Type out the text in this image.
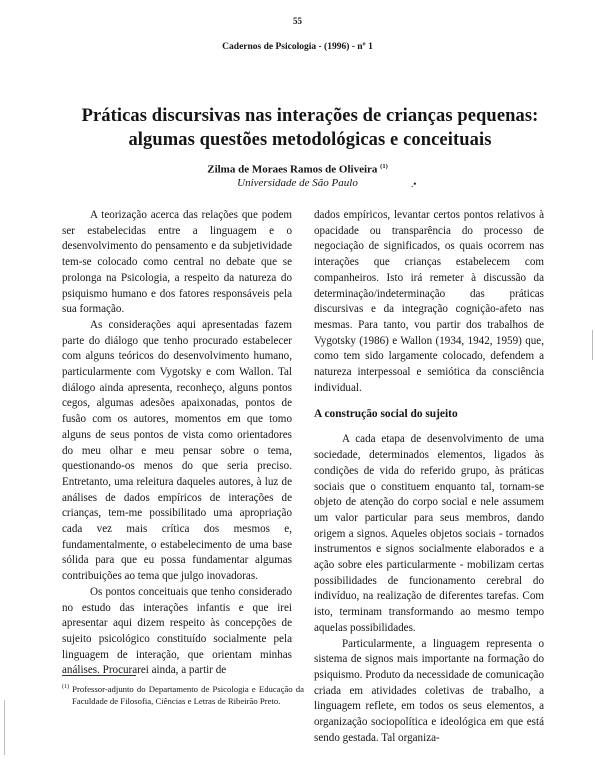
55
Cadernos de Psicologia - (1996) - nº 1
Práticas discursivas nas interações de crianças pequenas:
algumas questões metodológicas e conceituais
Zilma de Moraes Ramos de Oliveira $^{(1)}$
Universidade de São Paulo	.•

A teorização acerca das relações que podem ser estabelecidas entre a linguagem e o desenvolvimento do pensamento e da subjetividade tem-se colocado como central no debate que se prolonga na Psicologia, a respeito da natureza do psiquismo humano e dos fatores responsáveis pela sua formação.

As considerações aqui apresentadas fazem parte do diálogo que tenho procurado estabelecer com alguns teóricos do desenvolvimento humano, particularmente com Vygotsky e com Wallon. Tal diálogo ainda apresenta, reconheço, alguns pontos cegos, algumas adesões apaixonadas, pontos de fusão com os autores, momentos em que tomo alguns de seus pontos de vista como orientadores do meu olhar e meu pensar sobre o tema, questionando-os menos do que seria preciso. Entretanto, uma releitura daqueles autores, à luz de análises de dados empíricos de interações de crianças, tem-me possibilitado uma apropriação cada vez mais crítica dos mesmos e, fundamentalmente, o estabelecimento de uma base sólida para que eu possa fundamentar algumas contribuições ao tema que julgo inovadoras.

Os pontos conceituais que tenho considerado no estudo das interações infantis e que irei apresentar aqui dizem respeito às concepções de sujeito psicológico constituído socialmente pela linguagem de interação, que orientam minhas análises. Procurarei ainda, a partir de

dados empíricos, levantar certos pontos relativos à opacidade ou transparência do processo de negociação de significados, os quais ocorrem nas interações que crianças estabelecem com companheiros. Isto irá remeter à discussão da determinação/indeterminação das práticas discursivas e da integração cognição-afeto nas mesmas. Para tanto, vou partir dos trabalhos de Vygotsky (1986) e Wallon (1934, 1942, 1959) que, como tem sido largamente colocado, defendem a natureza interpessoal e semiótica da consciência individual.

A construção social do sujeito

A cada etapa de desenvolvimento de uma sociedade, determinados elementos, ligados às condições de vida do referido grupo, às práticas sociais que o constituem enquanto tal, tornam-se objeto de atenção do corpo social e nele assumem um valor particular para seus membros, dando origem a signos. Aqueles objetos sociais - tornados instrumentos e signos socialmente elaborados e a ação sobre eles particularmente - mobilizam certas possibilidades de funcionamento cerebral do indivíduo, na realização de diferentes tarefas. Com isto, terminam transformando ao mesmo tempo aquelas possibilidades.

Particularmente, a linguagem representa o sistema de signos mais importante na formação do psiquismo. Produto da necessidade de comunicação criada em atividades coletivas de trabalho, a linguagem reflete, em todos os seus elementos, a organização sociopolítica e ideológica em que está sendo gestada. Tal organiza-

$^{(1)}$ Professor-adjunto do Departamento de Psicologia e Educação da Faculdade de Filosofia, Ciências e Letras de Ribeirão Preto.
